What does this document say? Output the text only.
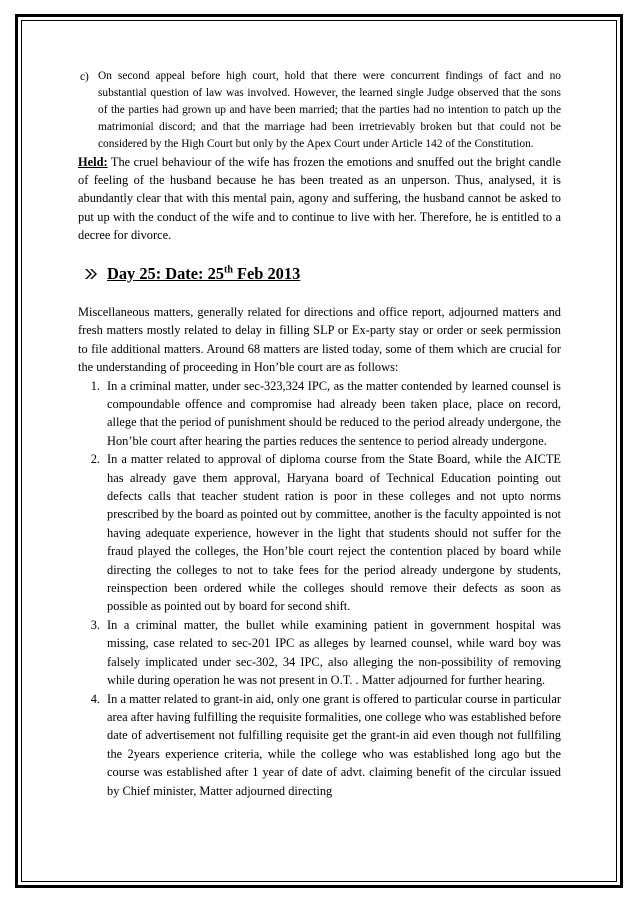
c) On second appeal before high court, hold that there were concurrent findings of fact and no substantial question of law was involved. However, the learned single Judge observed that the sons of the parties had grown up and have been married; that the parties had no intention to patch up the matrimonial discord; and that the marriage had been irretrievably broken but that could not be considered by the High Court but only by the Apex Court under Article 142 of the Constitution.

Held: The cruel behaviour of the wife has frozen the emotions and snuffed out the bright candle of feeling of the husband because he has been treated as an unperson. Thus, analysed, it is abundantly clear that with this mental pain, agony and suffering, the husband cannot be asked to put up with the conduct of the wife and to continue to live with her. Therefore, he is entitled to a decree for divorce.

Day 25: Date: 25th Feb 2013

Miscellaneous matters, generally related for directions and office report, adjourned matters and fresh matters mostly related to delay in filling SLP or Ex-party stay or order or seek permission to file additional matters. Around 68 matters are listed today, some of them which are crucial for the understanding of proceeding in Hon’ble court are as follows:

1. In a criminal matter, under sec-323,324 IPC, as the matter contended by learned counsel is compoundable offence and compromise had already been taken place, place on record, allege that the period of punishment should be reduced to the period already undergone, the Hon’ble court after hearing the parties reduces the sentence to period already undergone.
2. In a matter related to approval of diploma course from the State Board, while the AICTE has already gave them approval, Haryana board of Technical Education pointing out defects calls that teacher student ration is poor in these colleges and not upto norms prescribed by the board as pointed out by committee, another is the faculty appointed is not having adequate experience, however in the light that students should not suffer for the fraud played the colleges, the Hon’ble court reject the contention placed by board while directing the colleges to not to take fees for the period already undergone by students, reinspection been ordered while the colleges should remove their defects as soon as possible as pointed out by board for second shift.
3. In a criminal matter, the bullet while examining patient in government hospital was missing, case related to sec-201 IPC as alleges by learned counsel, while ward boy was falsely implicated under sec-302, 34 IPC, also alleging the non-possibility of removing while during operation he was not present in O.T. . Matter adjourned for further hearing.
4. In a matter related to grant-in aid, only one grant is offered to particular course in particular area after having fulfilling the requisite formalities, one college who was established before date of advertisement not fulfilling requisite get the grant-in aid even though not fullfiling the 2years experience criteria, while the college who was established long ago but the course was established after 1 year of date of advt. claiming benefit of the circular issued by Chief minister, Matter adjourned directing
